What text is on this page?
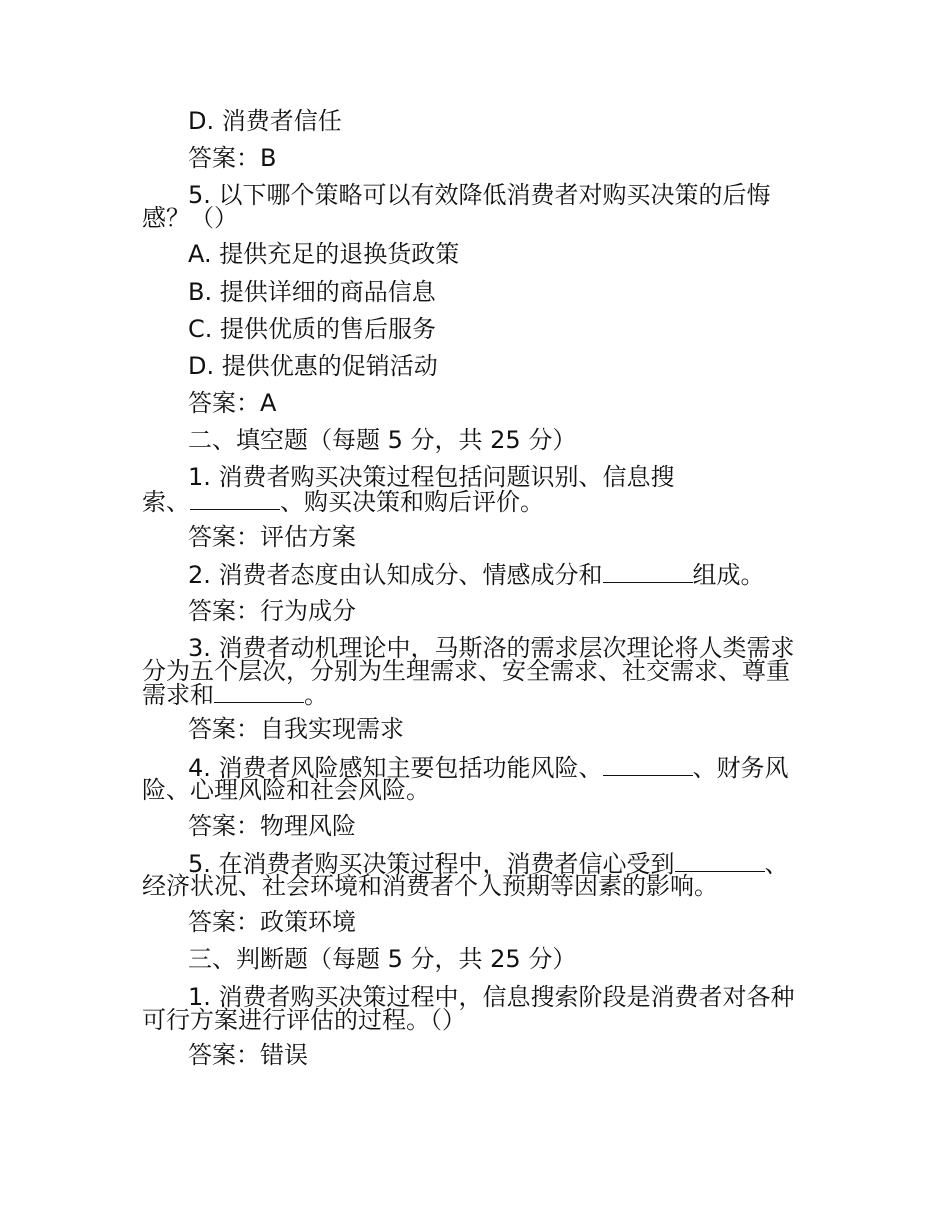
D. 消费者信任
答案：B
5. 以下哪个策略可以有效降低消费者对购买决策的后悔
感？（）
A. 提供充足的退换货政策
B. 提供详细的商品信息
C. 提供优质的售后服务
D. 提供优惠的促销活动
答案：A
二、填空题（每题 5 分，共 25 分）
1. 消费者购买决策过程包括问题识别、信息搜
索、	、购买决策和购后评价。
答案：评估方案
2. 消费者态度由认知成分、情感成分和	组成。
答案：行为成分
3. 消费者动机理论中，马斯洛的需求层次理论将人类需求
分为五个层次，分别为生理需求、安全需求、社交需求、尊重
需求和	。
答案：自我实现需求
4. 消费者风险感知主要包括功能风险、	、财务风
险、心理风险和社会风险。
答案：物理风险
5. 在消费者购买决策过程中，消费者信心受到	、
经济状况、社会环境和消费者个人预期等因素的影响。
答案：政策环境
三、判断题（每题 5 分，共 25 分）
1. 消费者购买决策过程中，信息搜索阶段是消费者对各种
可行方案进行评估的过程。（）
答案：错误
